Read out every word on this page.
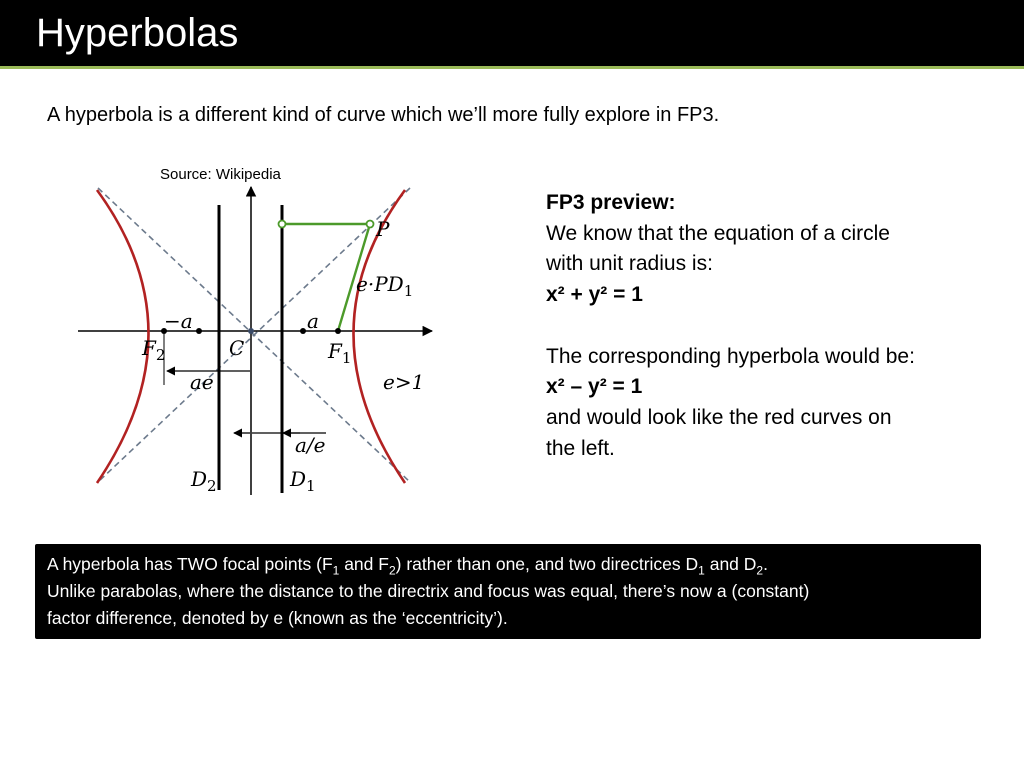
Hyperbolas
A hyperbola is a different kind of curve which we’ll more fully explore in FP3.
Source: Wikipedia
−a	a
P
$e\cdot PD_1$
$F_2$	C	$F_1$
ae	e>1
a/e
$D_2$	$D_1$
FP3 preview:
We know that the equation of a circle
with unit radius is:
x² + y² = 1
The corresponding hyperbola would be:
x² – y² = 1
and would look like the red curves on
the left.
A hyperbola has TWO focal points ($F_1$ and $F_2$) rather than one, and two directrices $D_1$ and $D_2$.
Unlike parabolas, where the distance to the directrix and focus was equal, there’s now a (constant)
factor difference, denoted by e (known as the ‘eccentricity’).
